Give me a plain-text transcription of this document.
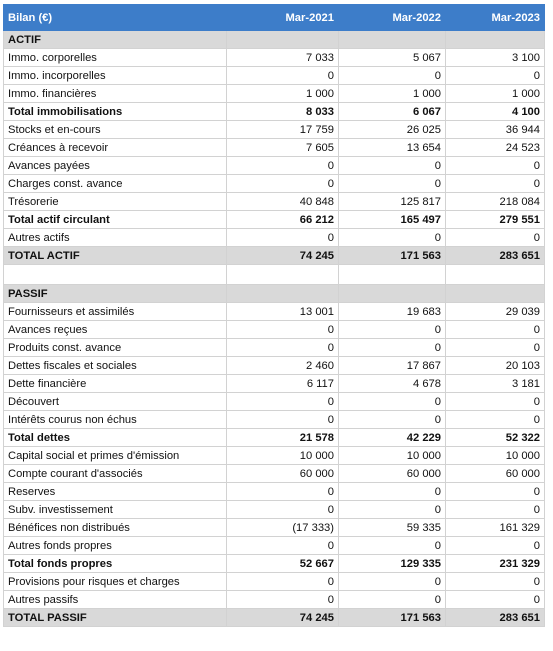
Bilan (€)	Mar-2021	Mar-2022	Mar-2023
ACTIF			
Immo. corporelles	7 033	5 067	3 100
Immo. incorporelles	0	0	0
Immo. financières	1 000	1 000	1 000
Total immobilisations	8 033	6 067	4 100
Stocks et en-cours	17 759	26 025	36 944
Créances à recevoir	7 605	13 654	24 523
Avances payées	0	0	0
Charges const. avance	0	0	0
Trésorerie	40 848	125 817	218 084
Total actif circulant	66 212	165 497	279 551
Autres actifs	0	0	0
TOTAL ACTIF	74 245	171 563	283 651

PASSIF			
Fournisseurs et assimilés	13 001	19 683	29 039
Avances reçues	0	0	0
Produits const. avance	0	0	0
Dettes fiscales et sociales	2 460	17 867	20 103
Dette financière	6 117	4 678	3 181
Découvert	0	0	0
Intérêts courus non échus	0	0	0
Total dettes	21 578	42 229	52 322
Capital social et primes d'émission	10 000	10 000	10 000
Compte courant d'associés	60 000	60 000	60 000
Reserves	0	0	0
Subv. investissement	0	0	0
Bénéfices non distribués	(17 333)	59 335	161 329
Autres fonds propres	0	0	0
Total fonds propres	52 667	129 335	231 329
Provisions pour risques et charges	0	0	0
Autres passifs	0	0	0
TOTAL PASSIF	74 245	171 563	283 651
